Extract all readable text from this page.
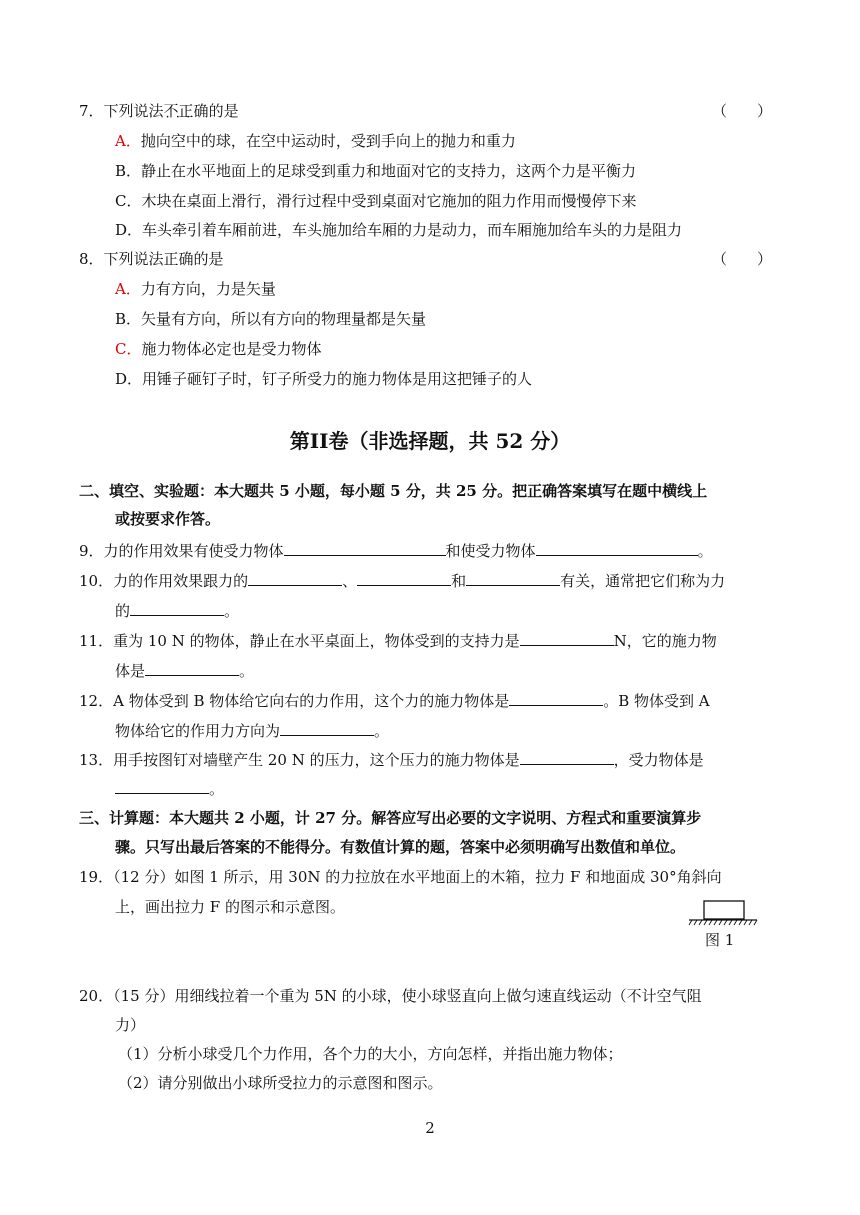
7．下列说法不正确 · · ·的是	（　　）
A．抛向空中的球，在空中运动时，受到手向上的抛力和重力
B．静止在水平地面上的足球受到重力和地面对它的支持力，这两个力是平衡力
C．木块在桌面上滑行，滑行过程中受到桌面对它施加的阻力作用而慢慢停下来
D．车头牵引着车厢前进，车头施加给车厢的力是动力，而车厢施加给车头的力是阻力
8．下列说法正确的是	（　　）
A．力有方向，力是矢量
B．矢量有方向，所以有方向的物理量都是矢量
C．施力物体必定也是受力物体
D．用锤子砸钉子时，钉子所受力的施力物体是用这把锤子的人
第II卷（非选择题，共 52 分）
二、填空、实验题：本大题共 5 小题，每小题 5 分，共 25 分。把正确答案填写在题中横线上
或按要求作答。
9．力的作用效果有使受力物体	和使受力物体	。
10．力的作用效果跟力的	、	和	有关，通常把它们称为力
的	。
11．重为 10 N 的物体，静止在水平桌面上，物体受到的支持力是	N，它的施力物
体是	。
12．A 物体受到 B 物体给它向右的力作用，这个力的施力物体是	。B 物体受到 A
物体给它的作用力方向为	。
13．用手按图钉对墙壁产生 20 N 的压力，这个压力的施力物体是	，受力物体是
。
三、计算题：本大题共 2 小题，计 27 分。解答应写出必要的文字说明、方程式和重要演算步
骤。只写出最后答案的不能得分。有数值计算的题，答案中必须明确写出数值和单位。
19．（12 分）如图 1 所示，用 30N 的力拉放在水平地面上的木箱，拉力 F 和地面成 30°角斜向
上，画出拉力 F 的图示和示意图。
图 1
20．（15 分）用细线拉着一个重为 5N 的小球，使小球竖直向上做匀速直线运动（不计空气阻
力）
（1）分析小球受几个力作用，各个力的大小，方向怎样，并指出施力物体；
（2）请分别做出小球所受拉力的示意图和图示。
2
